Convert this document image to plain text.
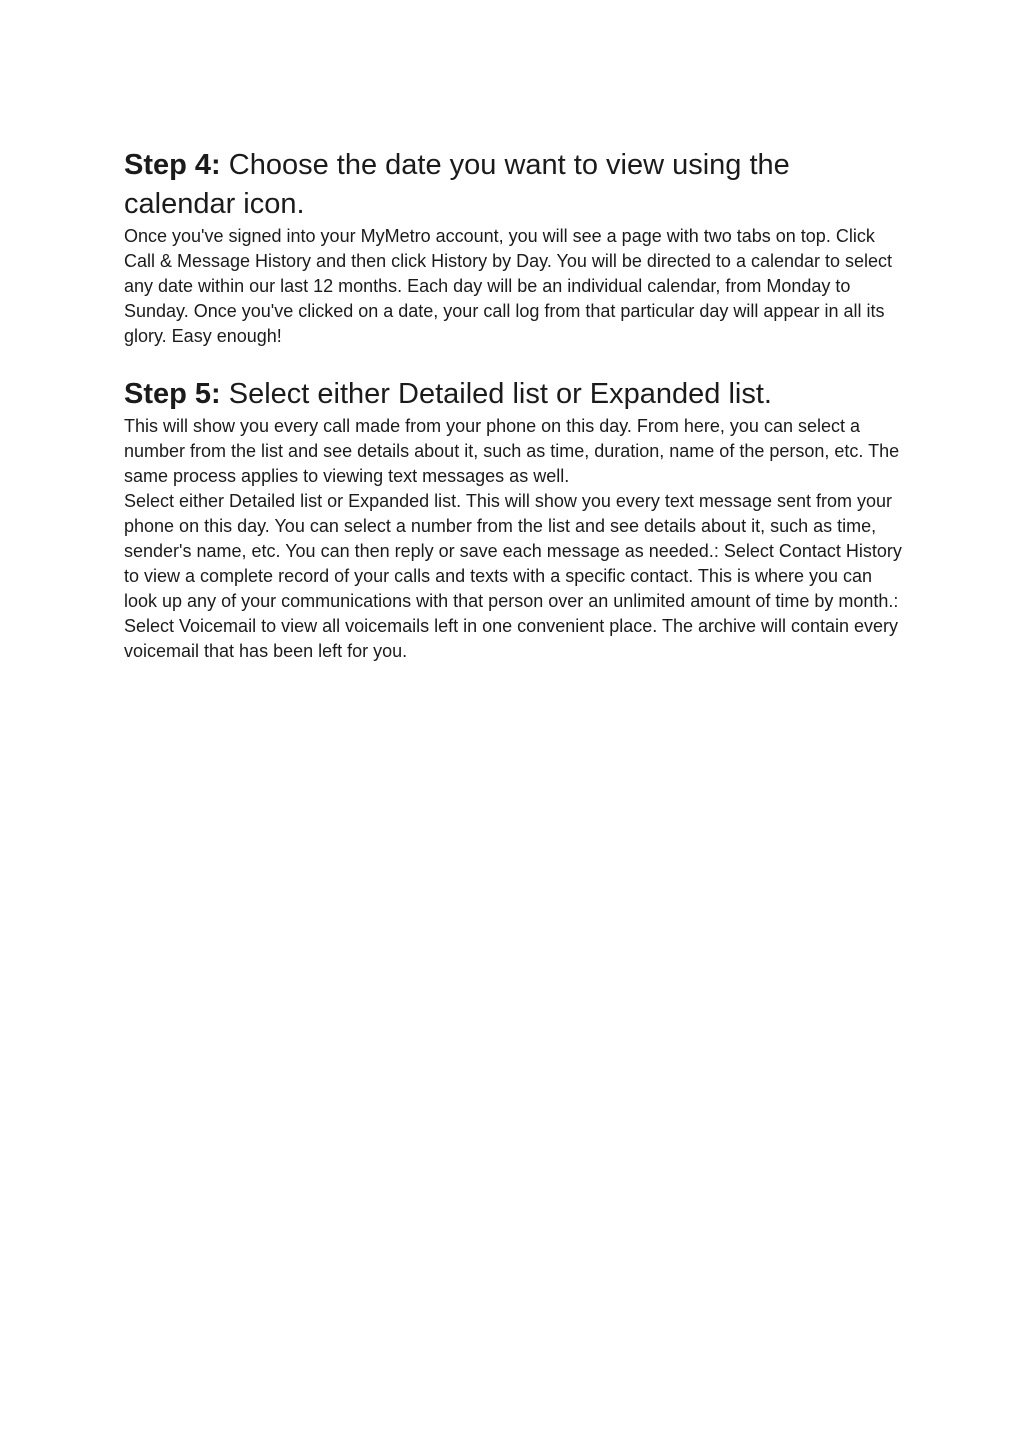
Step 4: Choose the date you want to view using the calendar icon.

Once you've signed into your MyMetro account, you will see a page with two tabs on top. Click Call & Message History and then click History by Day. You will be directed to a calendar to select any date within our last 12 months. Each day will be an individual calendar, from Monday to Sunday. Once you've clicked on a date, your call log from that particular day will appear in all its glory. Easy enough!

Step 5: Select either Detailed list or Expanded list.

This will show you every call made from your phone on this day. From here, you can select a number from the list and see details about it, such as time, duration, name of the person, etc. The same process applies to viewing text messages as well.

Select either Detailed list or Expanded list. This will show you every text message sent from your phone on this day. You can select a number from the list and see details about it, such as time, sender's name, etc. You can then reply or save each message as needed.: Select Contact History to view a complete record of your calls and texts with a specific contact. This is where you can look up any of your communications with that person over an unlimited amount of time by month.: Select Voicemail to view all voicemails left in one convenient place. The archive will contain every voicemail that has been left for you.
